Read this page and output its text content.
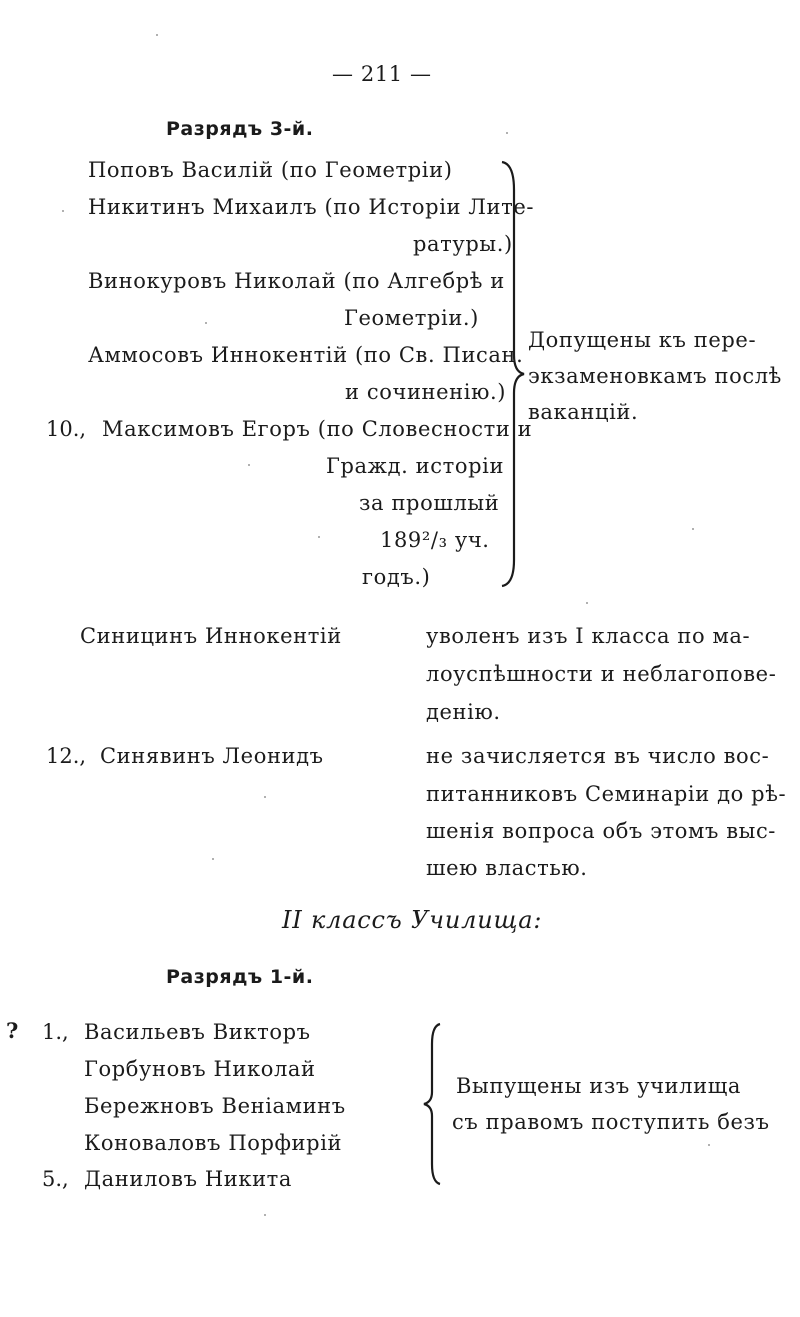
— 211 —
Разрядъ 3-й.
Поповъ Василій (по Геометріи)
Никитинъ Михаилъ (по Исторіи Лите-
ратуры.)
Винокуровъ Николай (по Алгебрѣ и
Геометріи.)
Аммосовъ Иннокентій (по Св. Писан.
и сочиненію.)
10., Максимовъ Егоръ (по Словесности и
Гражд. исторіи
за прошлый
189²/₃ уч.
годъ.)
Допущены къ пере-
экзаменовкамъ послѣ
ваканцій.
Синицинъ Иннокентій	уволенъ изъ I класса по ма-
лоуспѣшности и неблагоповe-
денію.
12., Синявинъ Леонидъ	не зачисляется въ число вос-
питанниковъ Семинаріи до рѣ-
шенія вопроса объ этомъ выс-
шею властью.
II классъ Училища:
Разрядъ 1-й.
? 1., Васильевъ Викторъ
Горбуновъ Николай
Бережновъ Веніаминъ
Коноваловъ Порфирій
5., Даниловъ Никита
Выпущены изъ училища
съ правомъ поступить безъ
